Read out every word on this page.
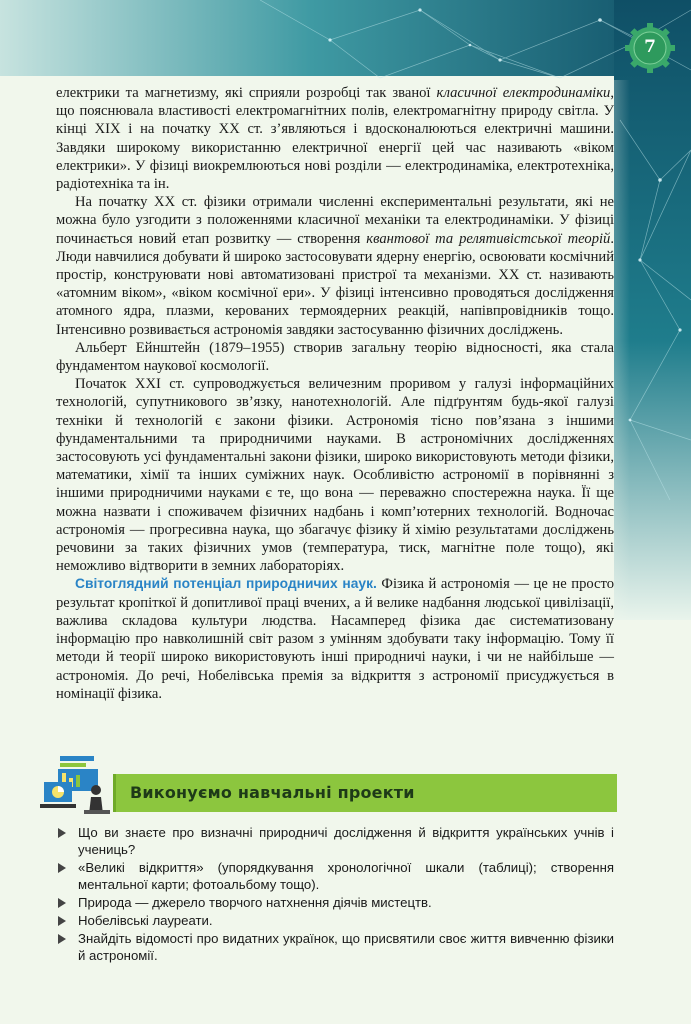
7

електрики та магнетизму, які сприяли розробці так званої класичної електродинаміки, що пояснювала властивості електромагнітних полів, електромагнітну природу світла. У кінці XIX і на початку XX ст. з’являються і вдосконалюються електричні машини. Завдяки широкому використанню електричної енергії цей час називають «віком електрики». У фізиці виокремлюються нові розділи — електродинаміка, електротехніка, радіотехніка та ін.

На початку XX ст. фізики отримали численні експериментальні результати, які не можна було узгодити з положеннями класичної механіки та електродинаміки. У фізиці починається новий етап розвитку — створення квантової та релятивістської теорій. Люди навчилися добувати й широко застосовувати ядерну енергію, освоювати космічний простір, конструювати нові автоматизовані пристрої та механізми. XX ст. називають «атомним віком», «віком космічної ери». У фізиці інтенсивно проводяться дослідження атомного ядра, плазми, керованих термоядерних реакцій, напівпровідників тощо. Інтенсивно розвивається астрономія завдяки застосуванню фізичних досліджень.

Альберт Ейнштейн (1879–1955) створив загальну теорію відносності, яка стала фундаментом наукової космології.

Початок XXI ст. супроводжується величезним проривом у галузі інформаційних технологій, супутникового зв’язку, нанотехнологій. Але підґрунтям будь-якої галузі техніки й технологій є закони фізики. Астрономія тісно пов’язана з іншими фундаментальними та природничими науками. В астрономічних дослідженнях застосовують усі фундаментальні закони фізики, широко використовують методи фізики, математики, хімії та інших суміжних наук. Особливістю астрономії в порівнянні з іншими природничими науками є те, що вона — переважно спостережна наука. Її ще можна назвати і споживачем фізичних надбань і комп’ютерних технологій. Водночас астрономія — прогресивна наука, що збагачує фізику й хімію результатами досліджень речовини за таких фізичних умов (температура, тиск, магнітне поле тощо), які неможливо відтворити в земних лабораторіях.

Світоглядний потенціал природничих наук. Фізика й астрономія — це не просто результат кропіткої й допитливої праці вчених, а й велике надбання людської цивілізації, важлива складова культури людства. Насамперед фізика дає систематизовану інформацію про навколишній світ разом з умінням здобувати таку інформацію. Тому її методи й теорії широко використовують інші природничі науки, і чи не найбільше — астрономія. До речі, Нобелівська премія за відкриття з астрономії присуджується в номінації фізика.

Виконуємо навчальні проекти
Що ви знаєте про визначні природничі дослідження й відкриття українських учнів і учениць?
«Великі відкриття» (упорядкування хронологічної шкали (таблиці); створення ментальної карти; фотоальбому тощо).
Природа — джерело творчого натхнення діячів мистецтв.
Нобелівські лауреати.
Знайдіть відомості про видатних українок, що присвятили своє життя вивченню фізики й астрономії.
